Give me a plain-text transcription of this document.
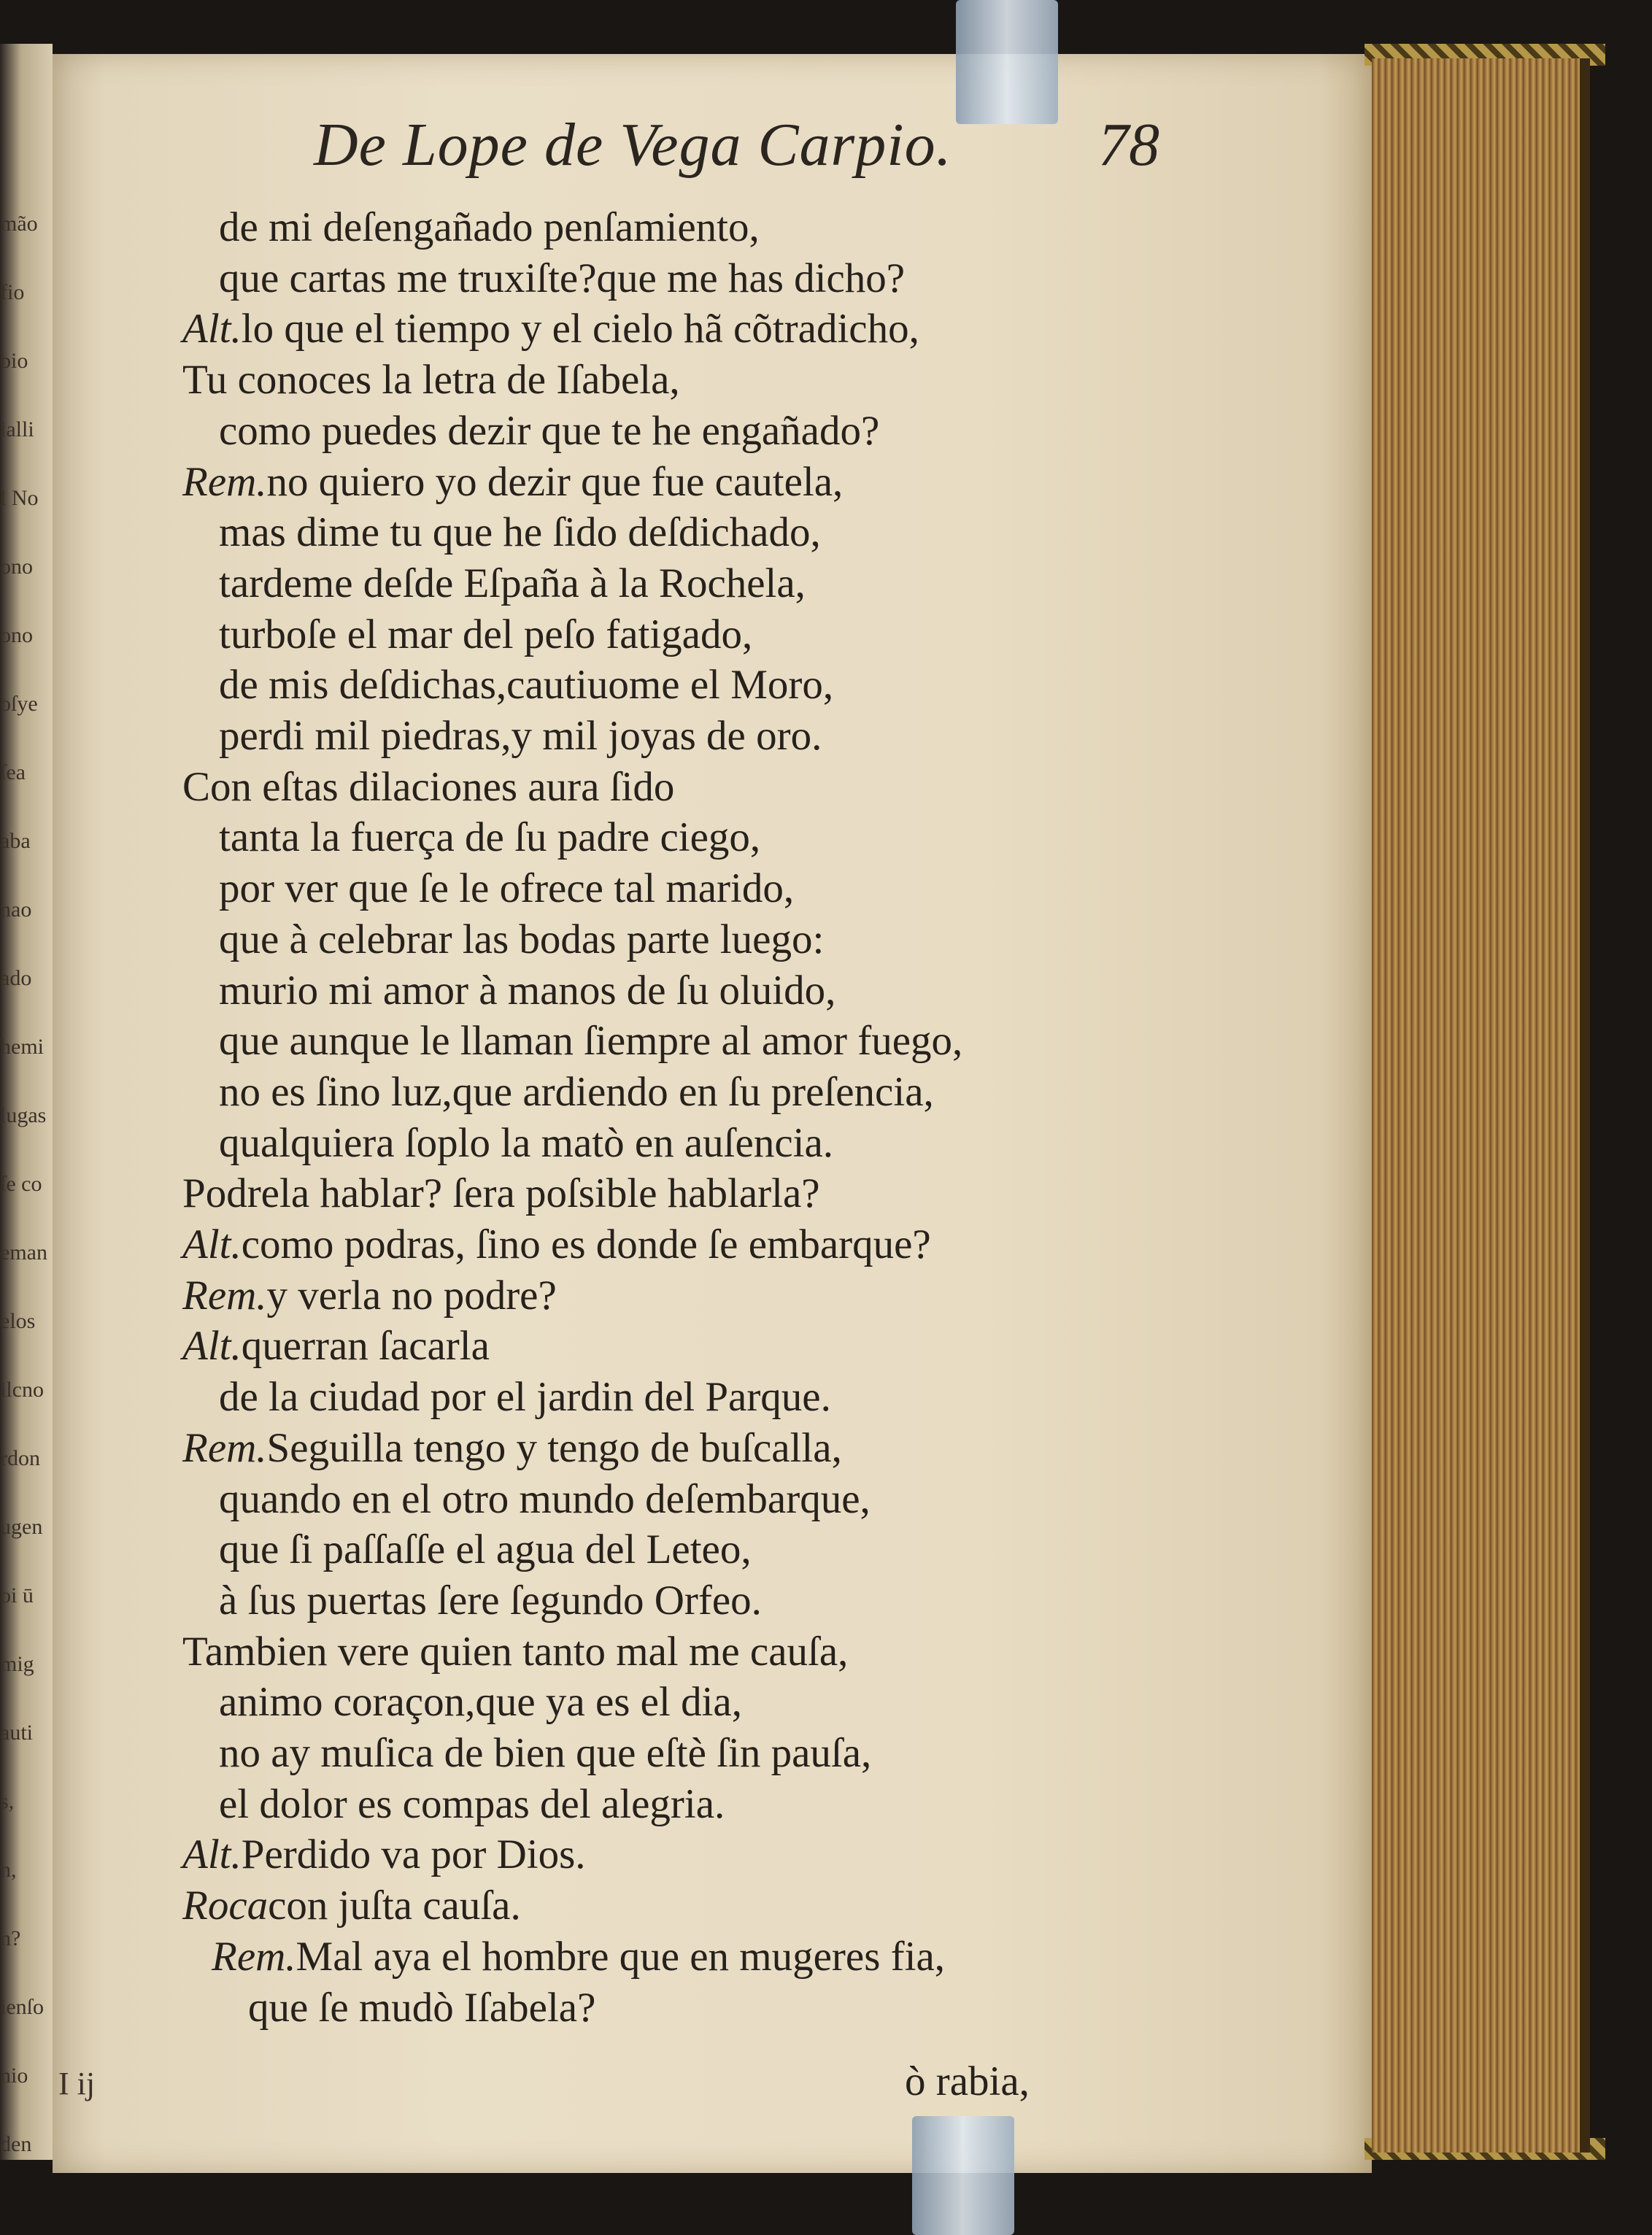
De Lope de Vega Carpio. 78
de mi deſengañado penſamiento,
que cartas me truxiſte?que me has dicho?
Alt.lo que el tiempo y el cielo hã cõtradicho,
Tu conoces la letra de Iſabela,
como puedes dezir que te he engañado?
Rem.no quiero yo dezir que fue cautela,
mas dime tu que he ſido deſdichado,
tardeme deſde Eſpaña à la Rochela,
turboſe el mar del peſo fatigado,
de mis deſdichas,cautiuome el Moro,
perdi mil piedras,y mil joyas de oro.
Con eſtas dilaciones aura ſido
tanta la fuerça de ſu padre ciego,
por ver que ſe le ofrece tal marido,
que à celebrar las bodas parte luego:
murio mi amor à manos de ſu oluido,
que aunque le llaman ſiempre al amor fuego,
no es ſino luz,que ardiendo en ſu preſencia,
qualquiera ſoplo la matò en auſencia.
Podrela hablar? ſera poſsible hablarla?
Alt.como podras, ſino es donde ſe embarque?
Rem.y verla no podre?
Alt.querran ſacarla
de la ciudad por el jardin del Parque.
Rem.Seguilla tengo y tengo de buſcalla,
quando en el otro mundo deſembarque,
que ſi paſſaſſe el agua del Leteo,
à ſus puertas ſere ſegundo Orfeo.
Tambien vere quien tanto mal me cauſa,
animo coraçon,que ya es el dia,
no ay muſica de bien que eſtè ſin pauſa,
el dolor es compas del alegria.
Alt.Perdido va por Dios.
Rocacon juſta cauſa.
Rem.Mal aya el hombre que en mugeres fia,
que ſe mudò Iſabela?
ò rabia,
mão
fio
bio
lalli
l No
ono
ono
oſye
ſea
aba
nao
ado
hemi
lugas
ſe co
eman
elos
ilcno
rdon
ugen
oi ū
mig
auti
s,
n,
n?
ienſo
nio
den
I ij
